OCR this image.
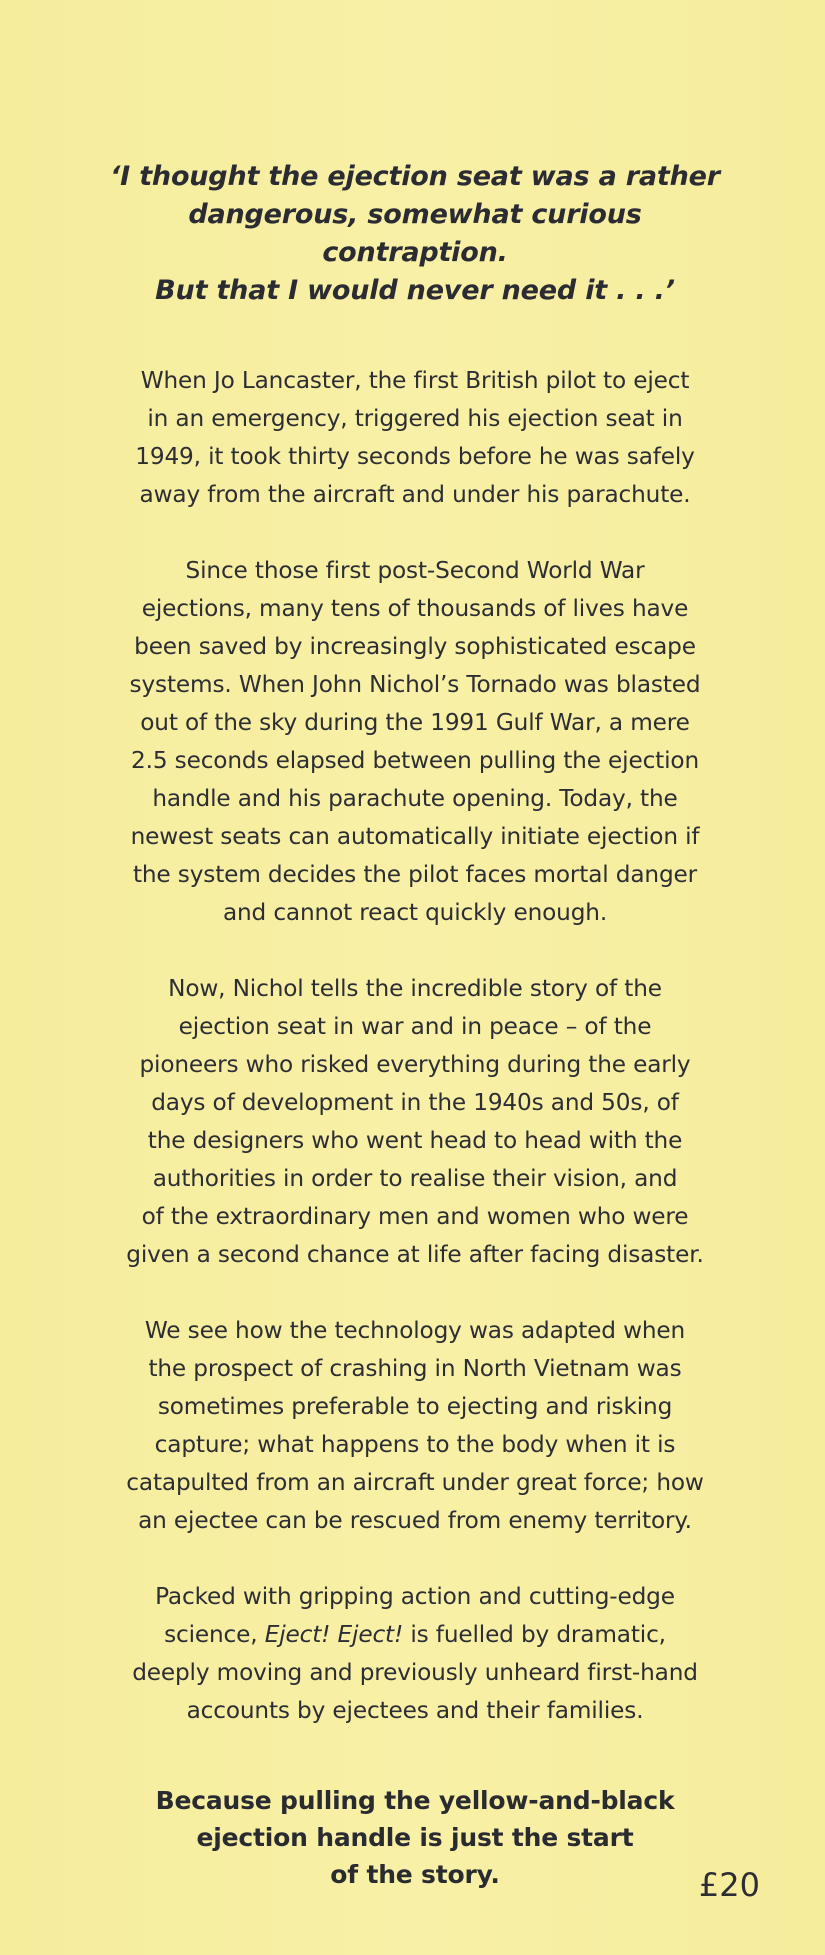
‘I thought the ejection seat was a rather
dangerous, somewhat curious contraption.
But that I would never need it . . .’

When Jo Lancaster, the first British pilot to eject
in an emergency, triggered his ejection seat in
1949, it took thirty seconds before he was safely
away from the aircraft and under his parachute.

Since those first post-Second World War
ejections, many tens of thousands of lives have
been saved by increasingly sophisticated escape
systems. When John Nichol’s Tornado was blasted
out of the sky during the 1991 Gulf War, a mere
2.5 seconds elapsed between pulling the ejection
handle and his parachute opening. Today, the
newest seats can automatically initiate ejection if
the system decides the pilot faces mortal danger
and cannot react quickly enough.

Now, Nichol tells the incredible story of the
ejection seat in war and in peace – of the
pioneers who risked everything during the early
days of development in the 1940s and 50s, of
the designers who went head to head with the
authorities in order to realise their vision, and
of the extraordinary men and women who were
given a second chance at life after facing disaster.

We see how the technology was adapted when
the prospect of crashing in North Vietnam was
sometimes preferable to ejecting and risking
capture; what happens to the body when it is
catapulted from an aircraft under great force; how
an ejectee can be rescued from enemy territory.

Packed with gripping action and cutting-edge
science, Eject! Eject! is fuelled by dramatic,
deeply moving and previously unheard first-hand
accounts by ejectees and their families.

Because pulling the yellow-and-black
ejection handle is just the start
of the story.	£20
